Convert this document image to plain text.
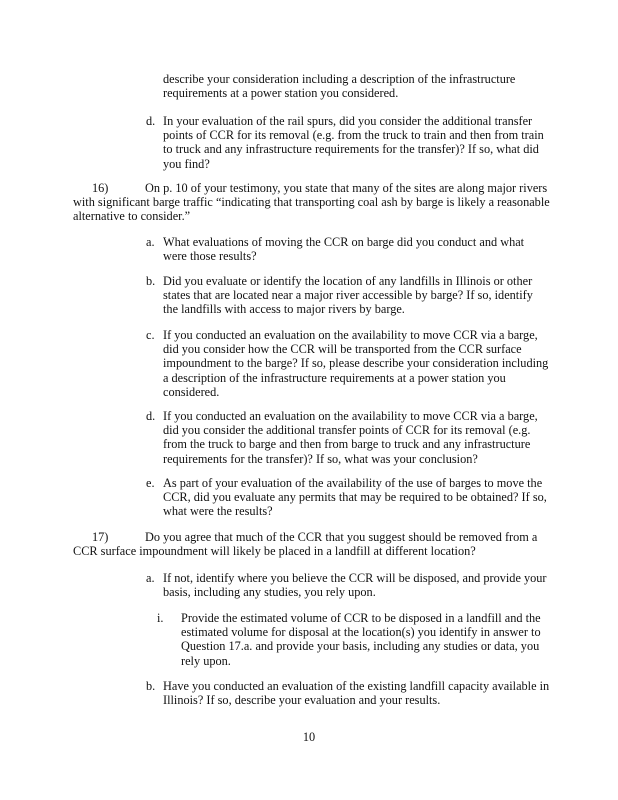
describe your consideration including a description of the infrastructure
requirements at a power station you considered.
d. In your evaluation of the rail spurs, did you consider the additional transfer
points of CCR for its removal (e.g. from the truck to train and then from train
to truck and any infrastructure requirements for the transfer)? If so, what did
you find?
16)	On p. 10 of your testimony, you state that many of the sites are along major rivers
with significant barge traffic “indicating that transporting coal ash by barge is likely a reasonable
alternative to consider.”
a. What evaluations of moving the CCR on barge did you conduct and what
were those results?
b. Did you evaluate or identify the location of any landfills in Illinois or other
states that are located near a major river accessible by barge? If so, identify
the landfills with access to major rivers by barge.
c. If you conducted an evaluation on the availability to move CCR via a barge,
did you consider how the CCR will be transported from the CCR surface
impoundment to the barge? If so, please describe your consideration including
a description of the infrastructure requirements at a power station you
considered.
d. If you conducted an evaluation on the availability to move CCR via a barge,
did you consider the additional transfer points of CCR for its removal (e.g.
from the truck to barge and then from barge to truck and any infrastructure
requirements for the transfer)? If so, what was your conclusion?
e. As part of your evaluation of the availability of the use of barges to move the
CCR, did you evaluate any permits that may be required to be obtained? If so,
what were the results?
17)	Do you agree that much of the CCR that you suggest should be removed from a
CCR surface impoundment will likely be placed in a landfill at different location?
a. If not, identify where you believe the CCR will be disposed, and provide your
basis, including any studies, you rely upon.
i. Provide the estimated volume of CCR to be disposed in a landfill and the
estimated volume for disposal at the location(s) you identify in answer to
Question 17.a. and provide your basis, including any studies or data, you
rely upon.
b. Have you conducted an evaluation of the existing landfill capacity available in
Illinois? If so, describe your evaluation and your results.
10
